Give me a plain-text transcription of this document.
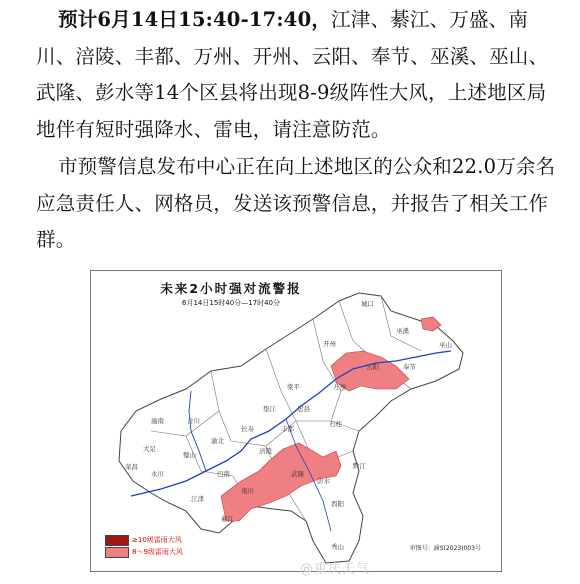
预计6月14日15:40-17:40，江津、綦江、万盛、南川、涪陵、丰都、万州、开州、云阳、奉节、巫溪、巫山、武隆、彭水等14个区县将出现8-9级阵性大风，上述地区局地伴有短时强降水、雷电，请注意防范。

市预警信息发布中心正在向上述地区的公众和22.0万余名应急责任人、网格员，发送该预警信息，并报告了相关工作群。

城口
巫溪
开州
云阳	奉节
巫山
梁平	万州
垫江	忠县
石柱
丰都
长寿
涪陵
潼南	合川
璧山
渝北
大足
永川
荣昌
江津
巴南
南川
武隆
彭水
黔江
酉阳
秀山
綦江
未来2小时强对流警报
6月14日15时40分—17时40分
≥10级雷雨大风
8～9级雷雨大风	审图号：渝S(2023)003号
@重庆天气
